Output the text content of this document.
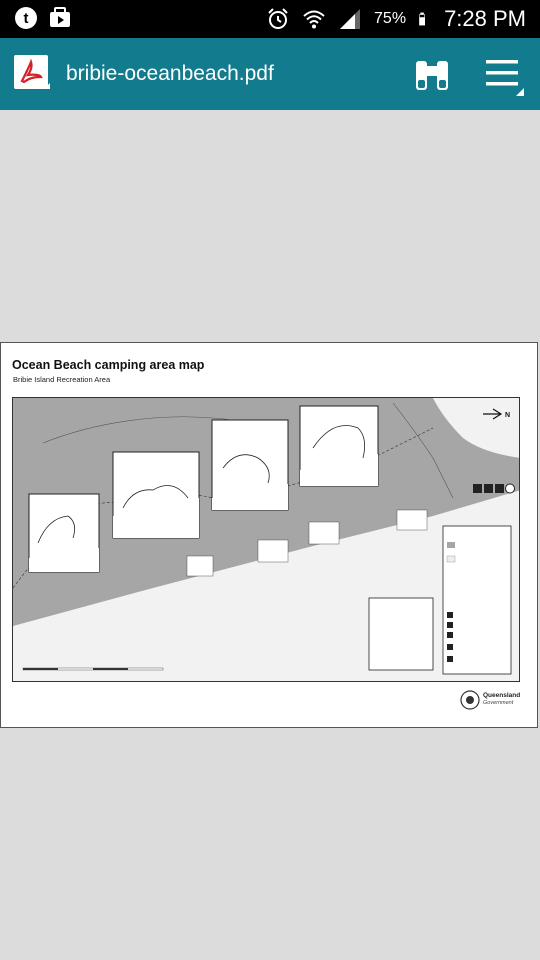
t	75% 7:28 PM
bribie-oceanbeach.pdf
Ocean Beach camping area map
Bribie Island Recreation Area
N
Queensland
Government
